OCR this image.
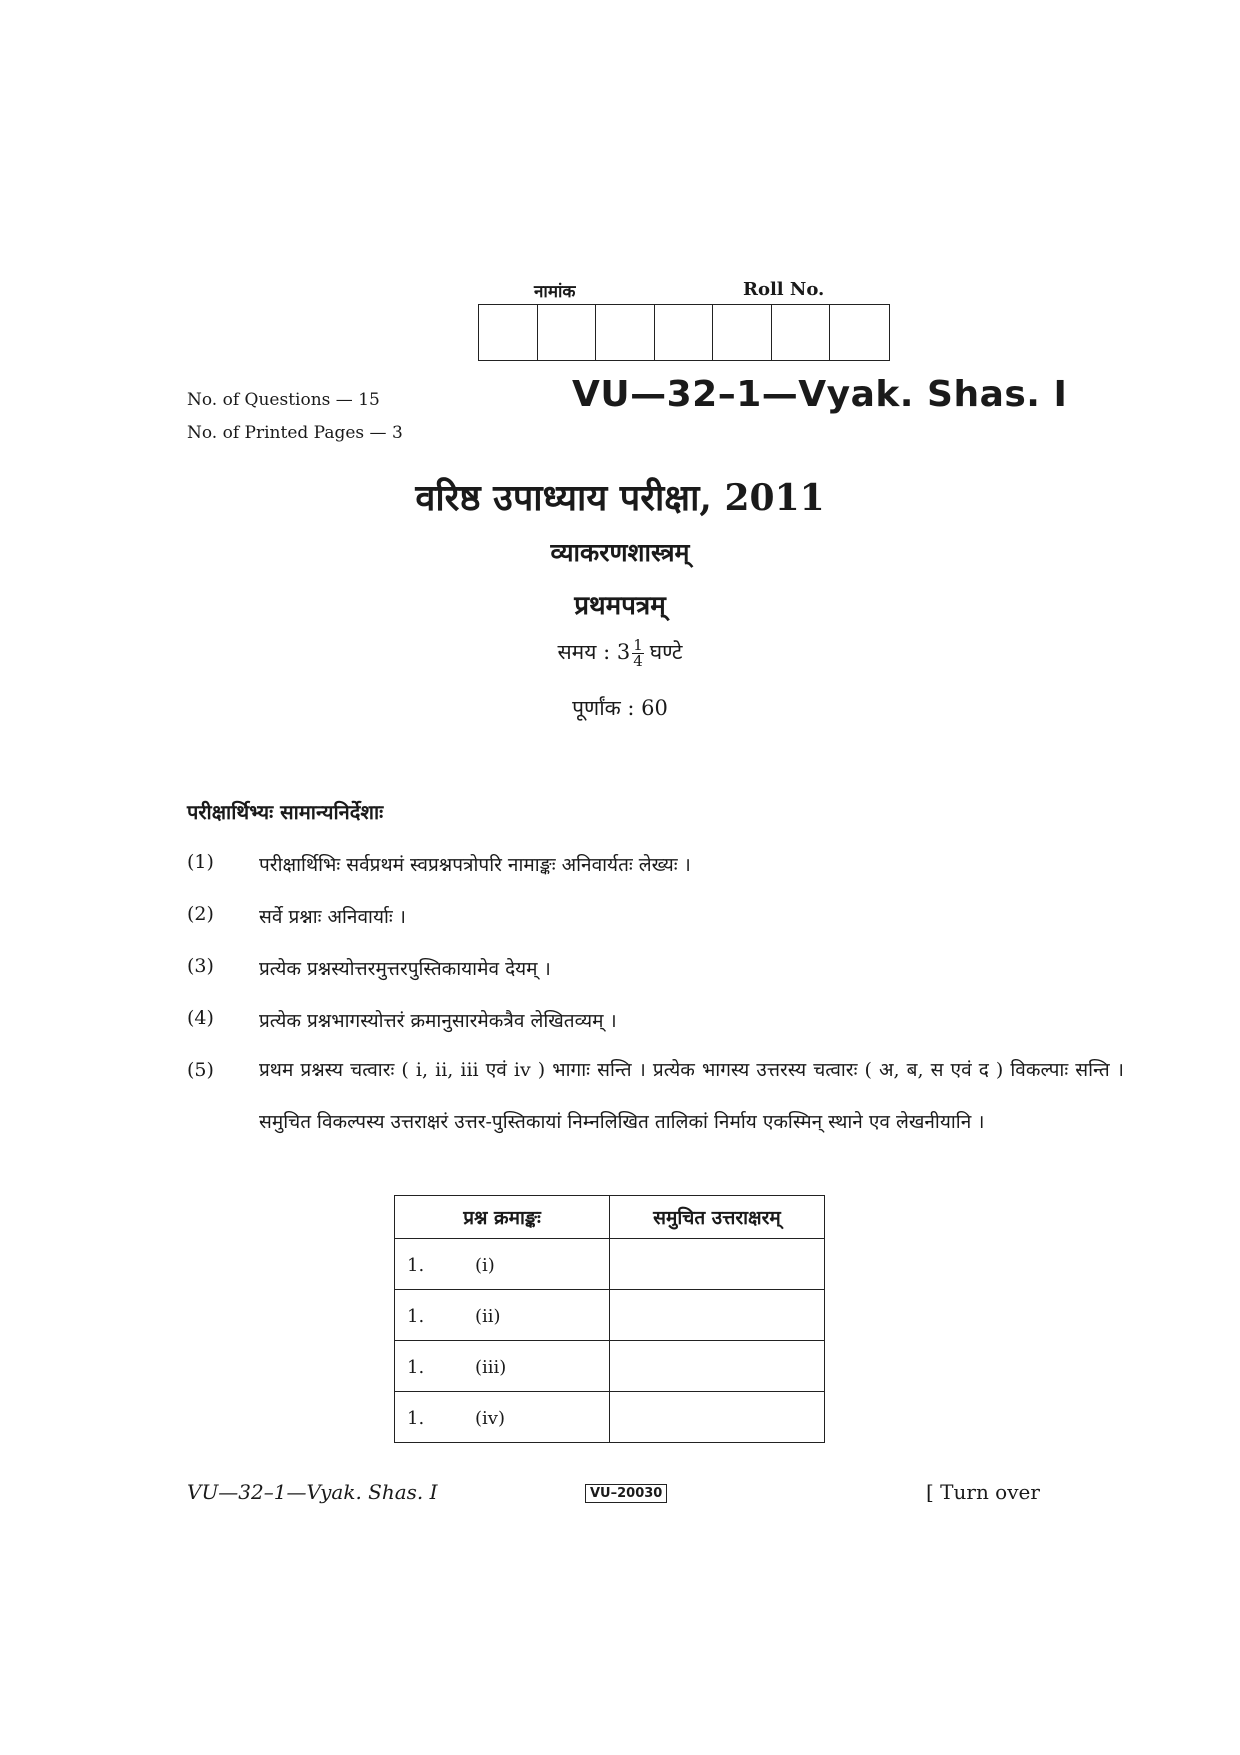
नामांक	Roll No.
No. of Questions — 15
No. of Printed Pages — 3
VU—32–1—Vyak. Shas. I
वरिष्ठ उपाध्याय परीक्षा, 2011
व्याकरणशास्त्रम्
प्रथमपत्रम्
समय : $3 \frac{1}{4}$ घण्टे
पूर्णांक : 60
परीक्षार्थिभ्यः सामान्यनिर्देशाः
(1)	परीक्षार्थिभिः सर्वप्रथमं स्वप्रश्नपत्रोपरि नामाङ्कः अनिवार्यतः लेख्यः ।
(2)	सर्वे प्रश्नाः अनिवार्याः ।
(3)	प्रत्येक प्रश्नस्योत्तरमुत्तरपुस्तिकायामेव देयम् ।
(4)	प्रत्येक प्रश्नभागस्योत्तरं क्रमानुसारमेकत्रैव लेखितव्यम् ।
(5)	प्रथम प्रश्नस्य चत्वारः ( i, ii, iii एवं iv ) भागाः सन्ति । प्रत्येक भागस्य उत्तरस्य चत्वारः ( अ, ब, स एवं द ) विकल्पाः सन्ति । समुचित विकल्पस्य उत्तराक्षरं उत्तर-पुस्तिकायां निम्नलिखित तालिकां निर्माय एकस्मिन् स्थाने एव लेखनीयानि ।
प्रश्न क्रमाङ्कः	समुचित उत्तराक्षरम्

1. (i)	

1. (ii)	

1. (iii)	

1. (iv)	

VU—32–1—Vyak. Shas. I	VU–20030	[ Turn over
